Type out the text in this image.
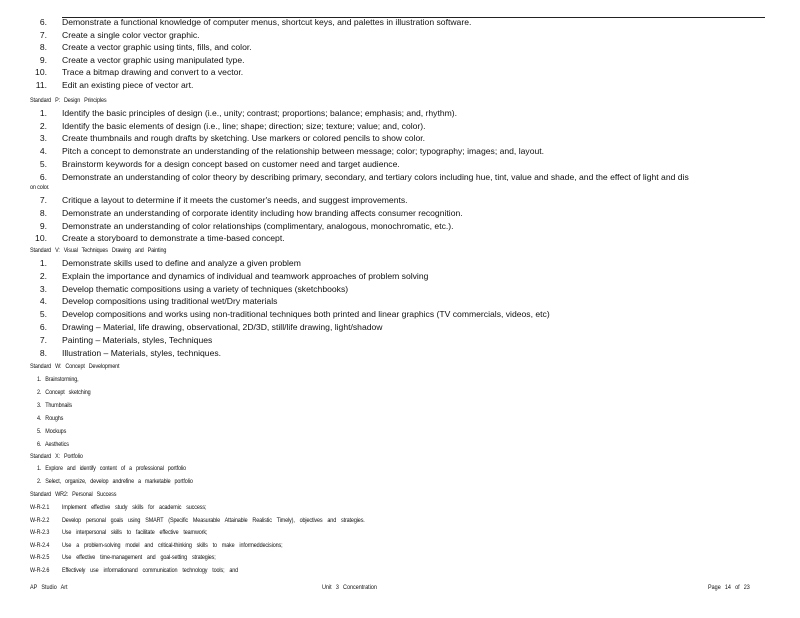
6. Demonstrate a functional knowledge of computer menus, shortcut keys, and palettes in illustration software.
7. Create a single color vector graphic.
8. Create a vector graphic using tints, fills, and color.
9. Create a vector graphic using manipulated type.
10. Trace a bitmap drawing and convert to a vector.
11. Edit an existing piece of vector art.
Standard P: Design Principles
1. Identify the basic principles of design (i.e., unity; contrast; proportions; balance; emphasis; and, rhythm).
2. Identify the basic elements of design (i.e., line; shape; direction; size; texture; value; and, color).
3. Create thumbnails and rough drafts by sketching. Use markers or colored pencils to show color.
4. Pitch a concept to demonstrate an understanding of the relationship between message; color; typography; images; and, layout.
5. Brainstorm keywords for a design concept based on customer need and target audience.
6. Demonstrate an understanding of color theory by describing primary, secondary, and tertiary colors including hue, tint, value and shade, and the effect of light and dis
on color.
7. Critique a layout to determine if it meets the customer's needs, and suggest improvements.
8. Demonstrate an understanding of corporate identity including how branding affects consumer recognition.
9. Demonstrate an understanding of color relationships (complimentary, analogous, monochromatic, etc.).
10. Create a storyboard to demonstrate a time-based concept.
Standard V: Visual Techniques Drawing and Painting
1. Demonstrate skills used to define and analyze a given problem
2. Explain the importance and dynamics of individual and teamwork approaches of problem solving
3. Develop thematic compositions using a variety of techniques (sketchbooks)
4. Develop compositions using traditional wet/Dry materials
5. Develop compositions and works using non-traditional techniques both printed and linear graphics (TV commercials, videos, etc)
6. Drawing – Material, life drawing, observational, 2D/3D, still/life drawing, light/shadow
7. Painting – Materials, styles, Techniques
8. Illustration – Materials, styles, techniques.
Standard W: Concept Development
1. Brainstorming,
2. Concept sketching
3. Thumbnails
4. Roughs
5. Mockups
6. Aesthetics
Standard X: Portfolio
1. Explore and identify content of a professional portfolio
2. Select, organize, develop andrefine a marketable portfolio
Standard WR2: Personal Success
W-R-2.1 Implement effective study skills for academic success;
W-R-2.2 Develop personal goals using SMART (Specific Measurable Attainable Realistic Timely), objectives and strategies.
W-R-2.3 Use interpersonal skills to facilitate effective teamwork;
W-R-2.4 Use a problem-solving model and critical-thinking skills to make informeddecisions;
W-R-2.5 Use effective time-management and goal-setting strategies;
W-R-2.6 Effectively use informationand communication technology tools; and
AP Studio Art	Unit 3 Concentration	Page 14 of 23
